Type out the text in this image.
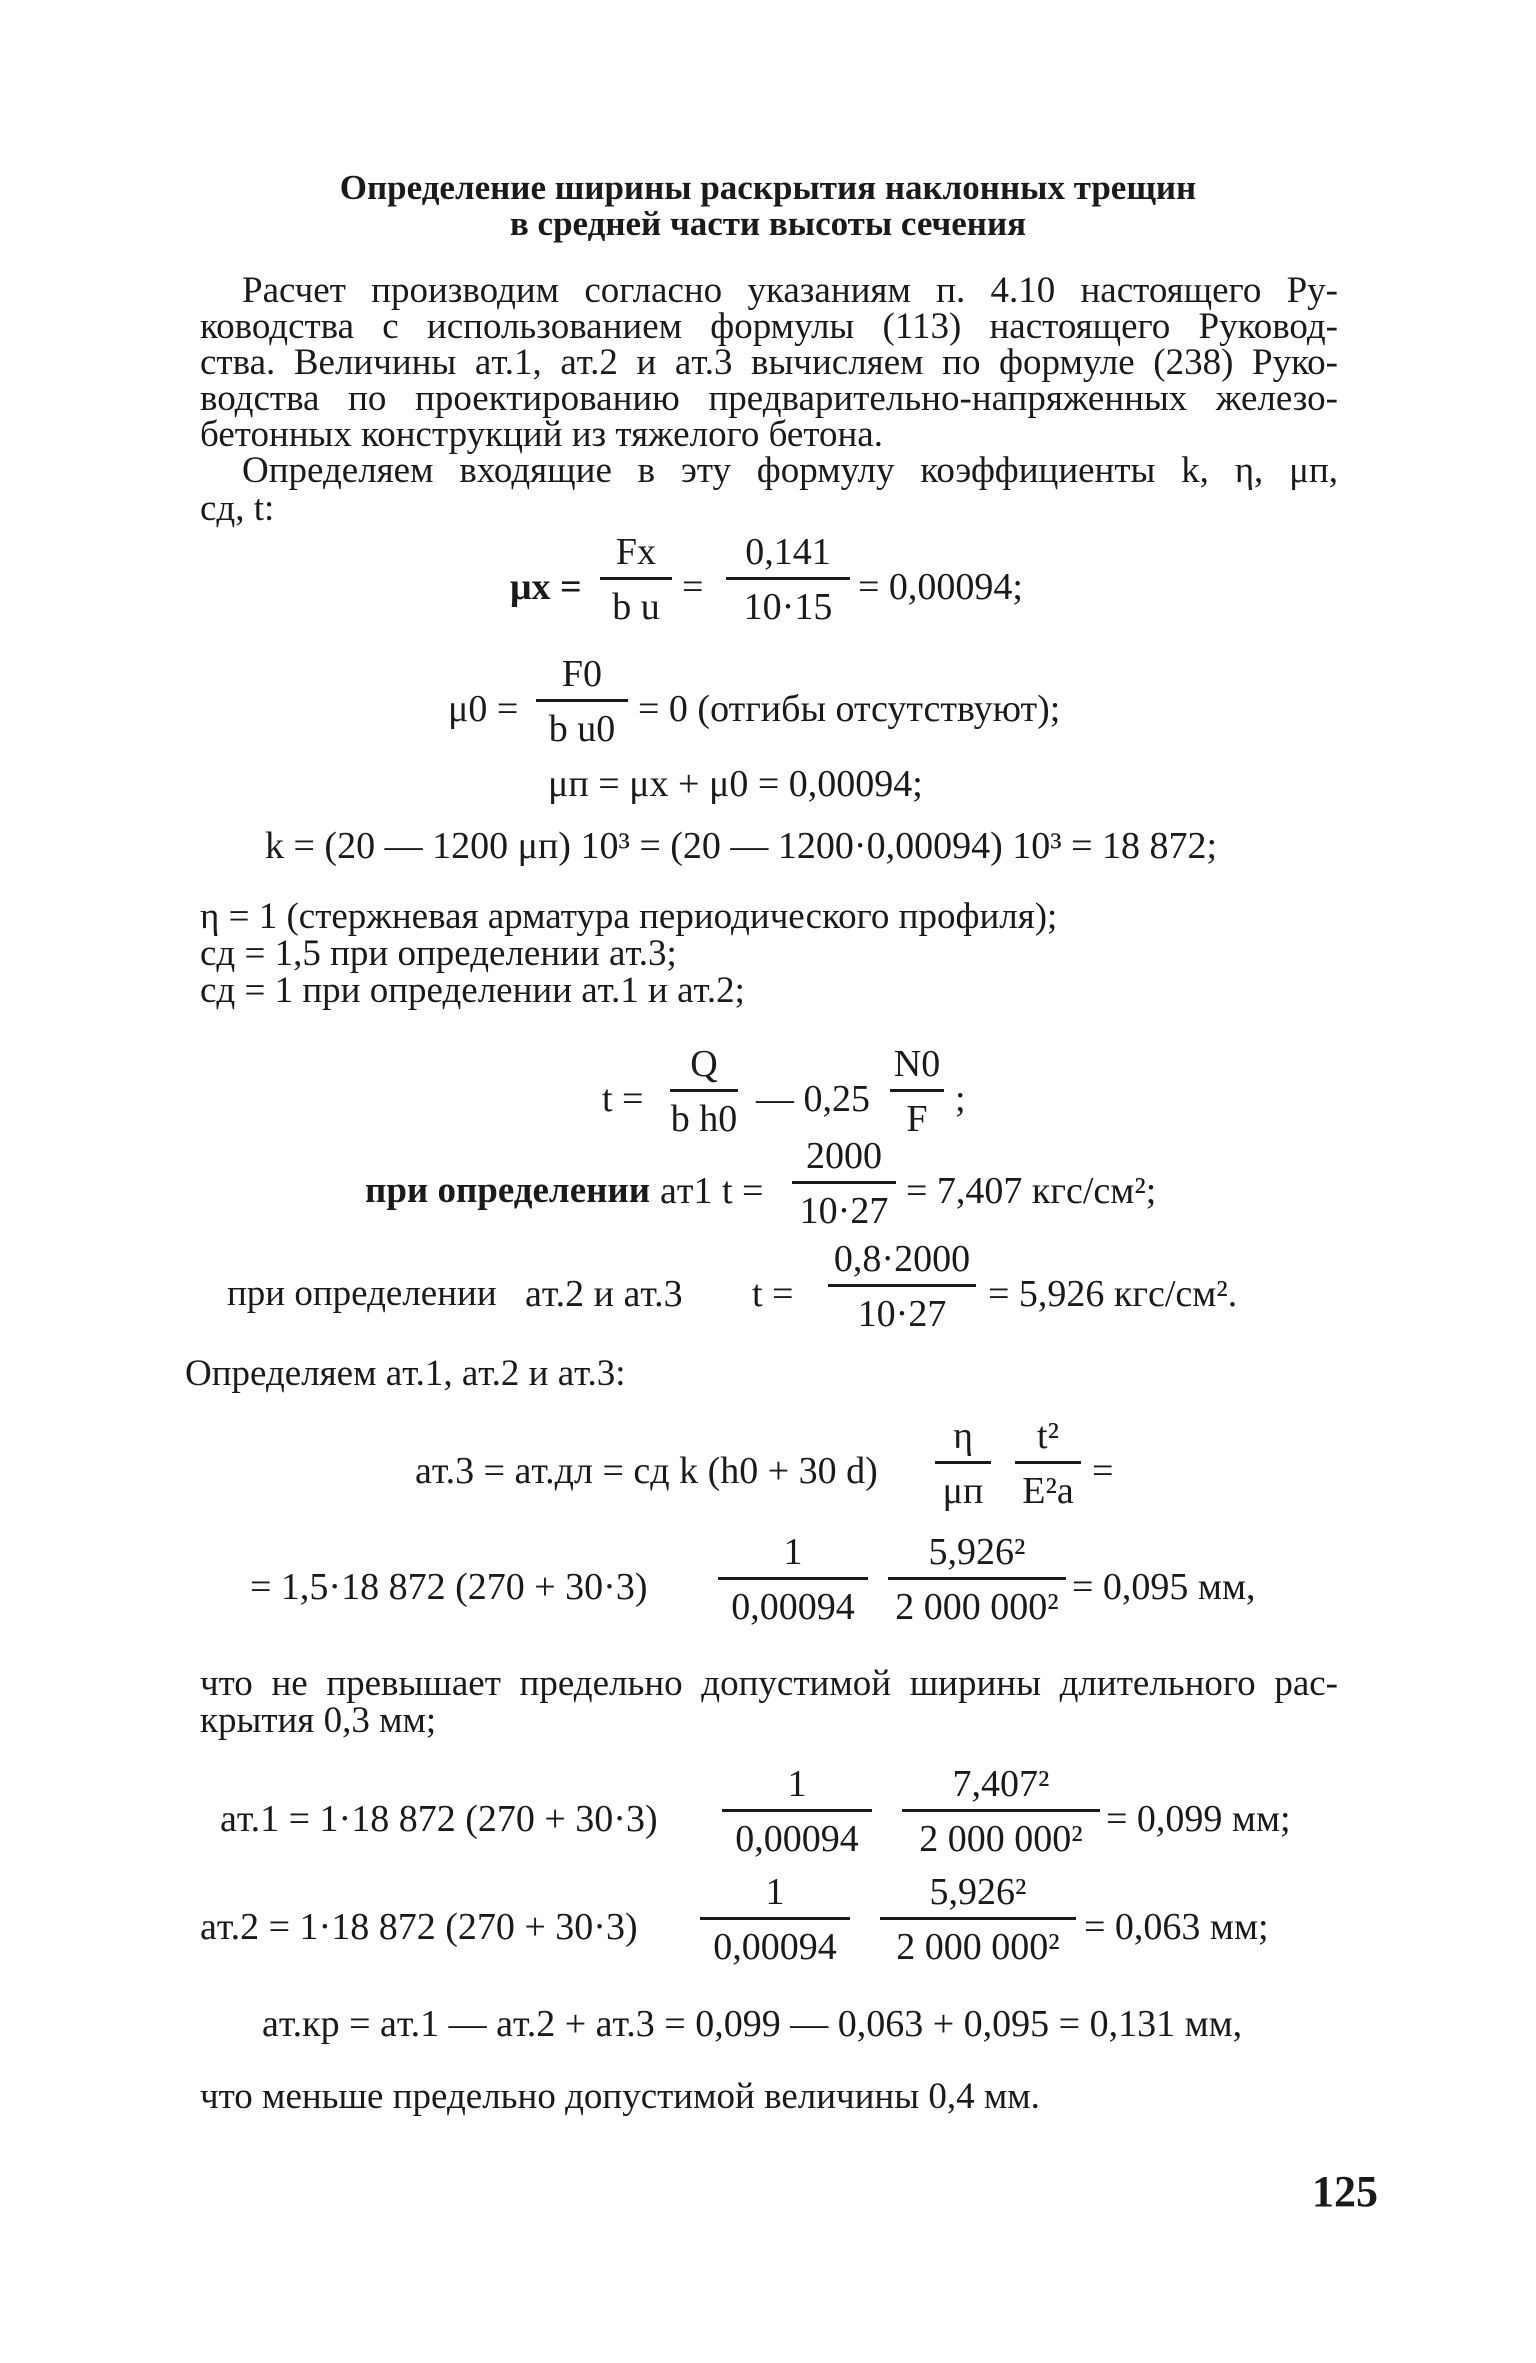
Определение ширины раскрытия наклонных трещин
в средней части высоты сечения
Расчет производим согласно указаниям п. 4.10 настоящего Ру-
ководства с использованием формулы (113) настоящего Руковод-
ства. Величины aт.1, aт.2 и aт.3 вычисляем по формуле (238) Руко-
водства по проектированию предварительно-напряженных железо-
бетонных конструкций из тяжелого бетона.
Определяем входящие в эту формулу коэффициенты k, η, μп,
cд, t:
$\mu x = \frac{Fx}{\text{b u}} = \frac{0,141}{10\cdot 15} = 0,00094$;
$\mu 0 = \frac{F0}{\text{b u0}} = 0$ (отгибы отсутствуют);
μп = μx + μ0 = 0,00094;
k = (20 — 1200 μп) 10³ = (20 — 1200·0,00094) 10³ = 18 872;
η = 1 (стержневая арматура периодического профиля);
cд = 1,5 при определении aт.3;
cд = 1 при определении aт.1 и aт.2;
$t = \frac{Q}{\text{b h0}}$ — $0,25 \frac{N0}{F}$ ;
при определении aт1 $t = \frac{2000}{10\cdot 27} = 7,407$ кгс/см²;
при определении aт.2 и aт.3 $t = \frac{0,8\cdot 2000}{10\cdot 27} = 5,926$ кгс/см².
Определяем aт.1, aт.2 и aт.3:
aт.3 = aт.дл = cд k (h0 + 30 d)
η
μп $\frac{\text{t²}}{\text{E²a}}$ =
= 1,5·18 872 $(270 + 30\cdot 3) \frac{1}{0,00094} \frac{\text{5,926²}}{\text{2 000 000²}} = 0,095$ мм,
что не превышает предельно допустимой ширины длительного рас-
крытия 0,3 мм;
aт.1 = 1·18 872 $(270 + 30\cdot 3) \frac{1}{0,00094} \frac{\text{7,407²}}{\text{2 000 000²}} = 0,099$ мм;
aт.2 = 1·18 872 $(270 + 30\cdot 3) \frac{1}{0,00094} \frac{\text{5,926²}}{\text{2 000 000²}} = 0,063$ мм;
aт.кр = aт.1 — aт.2 + aт.3 = 0,099 — 0,063 + 0,095 = 0,131 мм,
что меньше предельно допустимой величины 0,4 мм.
125
